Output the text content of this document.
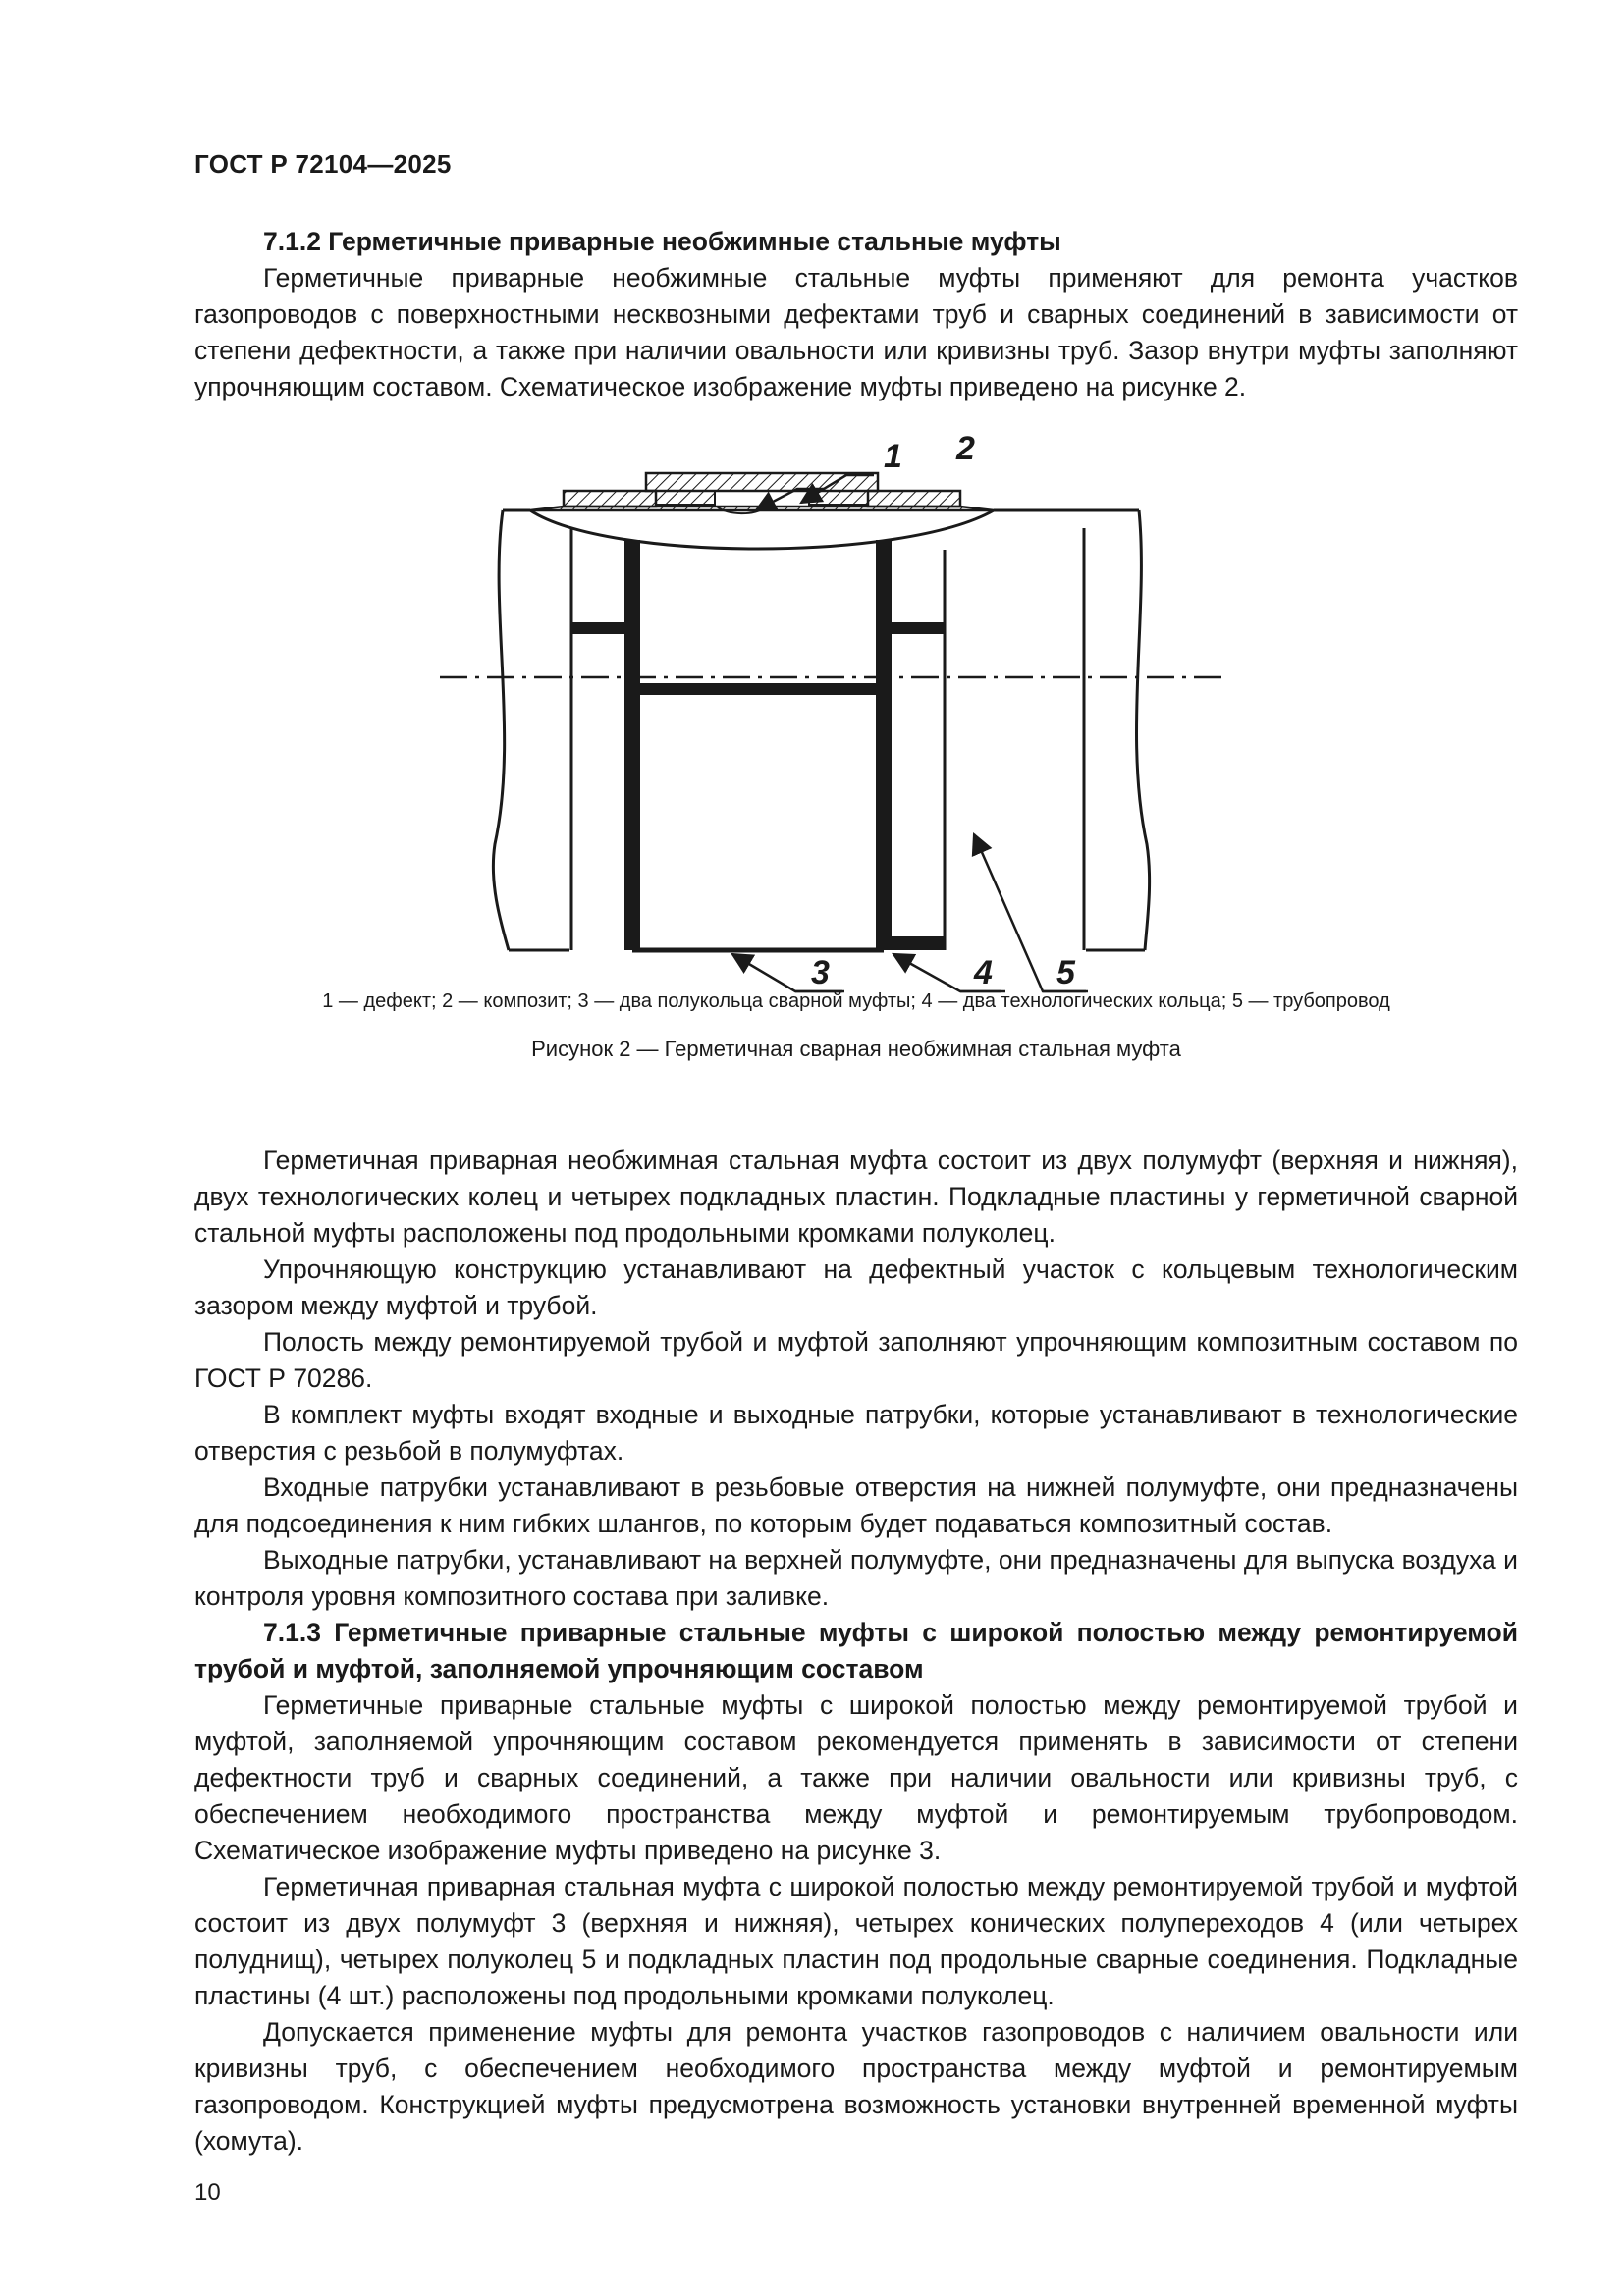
ГОСТ Р 72104—2025

7.1.2 Герметичные приварные необжимные стальные муфты

Герметичные приварные необжимные стальные муфты применяют для ремонта участков газопроводов с поверхностными несквозными дефектами труб и сварных соединений в зависимости от степени дефектности, а также при наличии овальности или кривизны труб. Зазор внутри муфты заполняют упрочняющим составом. Схематическое изображение муфты приведено на рисунке 2.

1 2
3	4 5
1 — дефект; 2 — композит; 3 — два полукольца сварной муфты; 4 — два технологических кольца; 5 — трубопровод
Рисунок 2 — Герметичная сварная необжимная стальная муфта

Герметичная приварная необжимная стальная муфта состоит из двух полумуфт (верхняя и нижняя), двух технологических колец и четырех подкладных пластин. Подкладные пластины у герметичной сварной стальной муфты расположены под продольными кромками полуколец.

Упрочняющую конструкцию устанавливают на дефектный участок с кольцевым технологическим зазором между муфтой и трубой.

Полость между ремонтируемой трубой и муфтой заполняют упрочняющим композитным составом по ГОСТ Р 70286.

В комплект муфты входят входные и выходные патрубки, которые устанавливают в технологические отверстия с резьбой в полумуфтах.

Входные патрубки устанавливают в резьбовые отверстия на нижней полумуфте, они предназначены для подсоединения к ним гибких шлангов, по которым будет подаваться композитный состав.

Выходные патрубки, устанавливают на верхней полумуфте, они предназначены для выпуска воздуха и контроля уровня композитного состава при заливке.

7.1.3 Герметичные приварные стальные муфты с широкой полостью между ремонтируемой трубой и муфтой, заполняемой упрочняющим составом

Герметичные приварные стальные муфты с широкой полостью между ремонтируемой трубой и муфтой, заполняемой упрочняющим составом рекомендуется применять в зависимости от степени дефектности труб и сварных соединений, а также при наличии овальности или кривизны труб, с обеспечением необходимого пространства между муфтой и ремонтируемым трубопроводом. Схематическое изображение муфты приведено на рисунке 3.

Герметичная приварная стальная муфта с широкой полостью между ремонтируемой трубой и муфтой состоит из двух полумуфт 3 (верхняя и нижняя), четырех конических полупереходов 4 (или четырех полуднищ), четырех полуколец 5 и подкладных пластин под продольные сварные соединения. Подкладные пластины (4 шт.) расположены под продольными кромками полуколец.

Допускается применение муфты для ремонта участков газопроводов с наличием овальности или кривизны труб, с обеспечением необходимого пространства между муфтой и ремонтируемым газопроводом. Конструкцией муфты предусмотрена возможность установки внутренней временной муфты (хомута).

10
